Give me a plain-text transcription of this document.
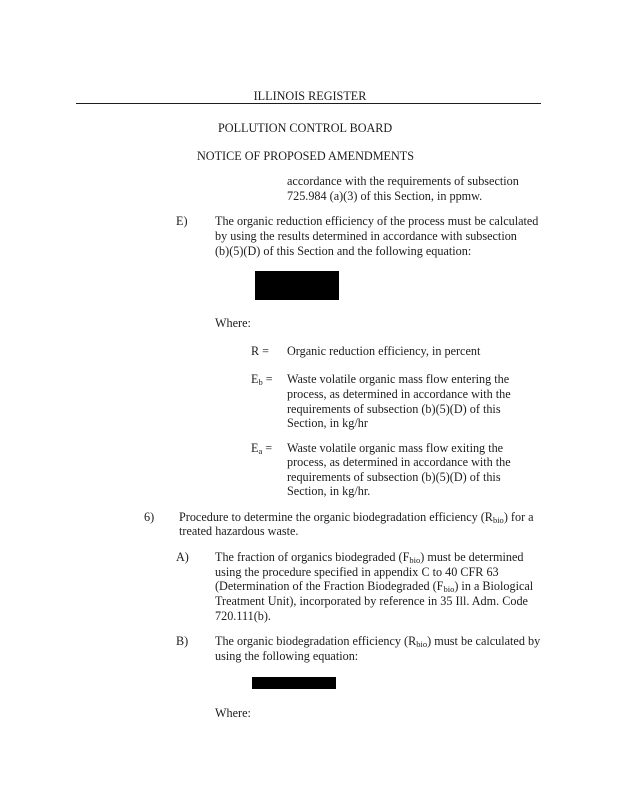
ILLINOIS REGISTER
POLLUTION CONTROL BOARD
NOTICE OF PROPOSED AMENDMENTS
accordance with the requirements of subsection
725.984 (a)(3) of this Section, in ppmw.
E)	The organic reduction efficiency of the process must be calculated
by using the results determined in accordance with subsection
(b)(5)(D) of this Section and the following equation:
Where:
R = Organic reduction efficiency, in percent
$E_b$ = Waste volatile organic mass flow entering the
process, as determined in accordance with the
requirements of subsection (b)(5)(D) of this
Section, in kg/hr
$E_a$ = Waste volatile organic mass flow exiting the
process, as determined in accordance with the
requirements of subsection (b)(5)(D) of this
Section, in kg/hr.
6)	Procedure to determine the organic biodegradation efficiency $(R_{bio})$ for a
treated hazardous waste.
A)	The fraction of organics biodegraded $(F_{bio})$ must be determined
using the procedure specified in appendix C to 40 CFR 63
(Determination of the Fraction Biodegraded $(F_{bio})$ in a Biological
Treatment Unit), incorporated by reference in 35 Ill. Adm. Code
720.111(b).
B)	The organic biodegradation efficiency $(R_{bio})$ must be calculated by
using the following equation:
Where:
